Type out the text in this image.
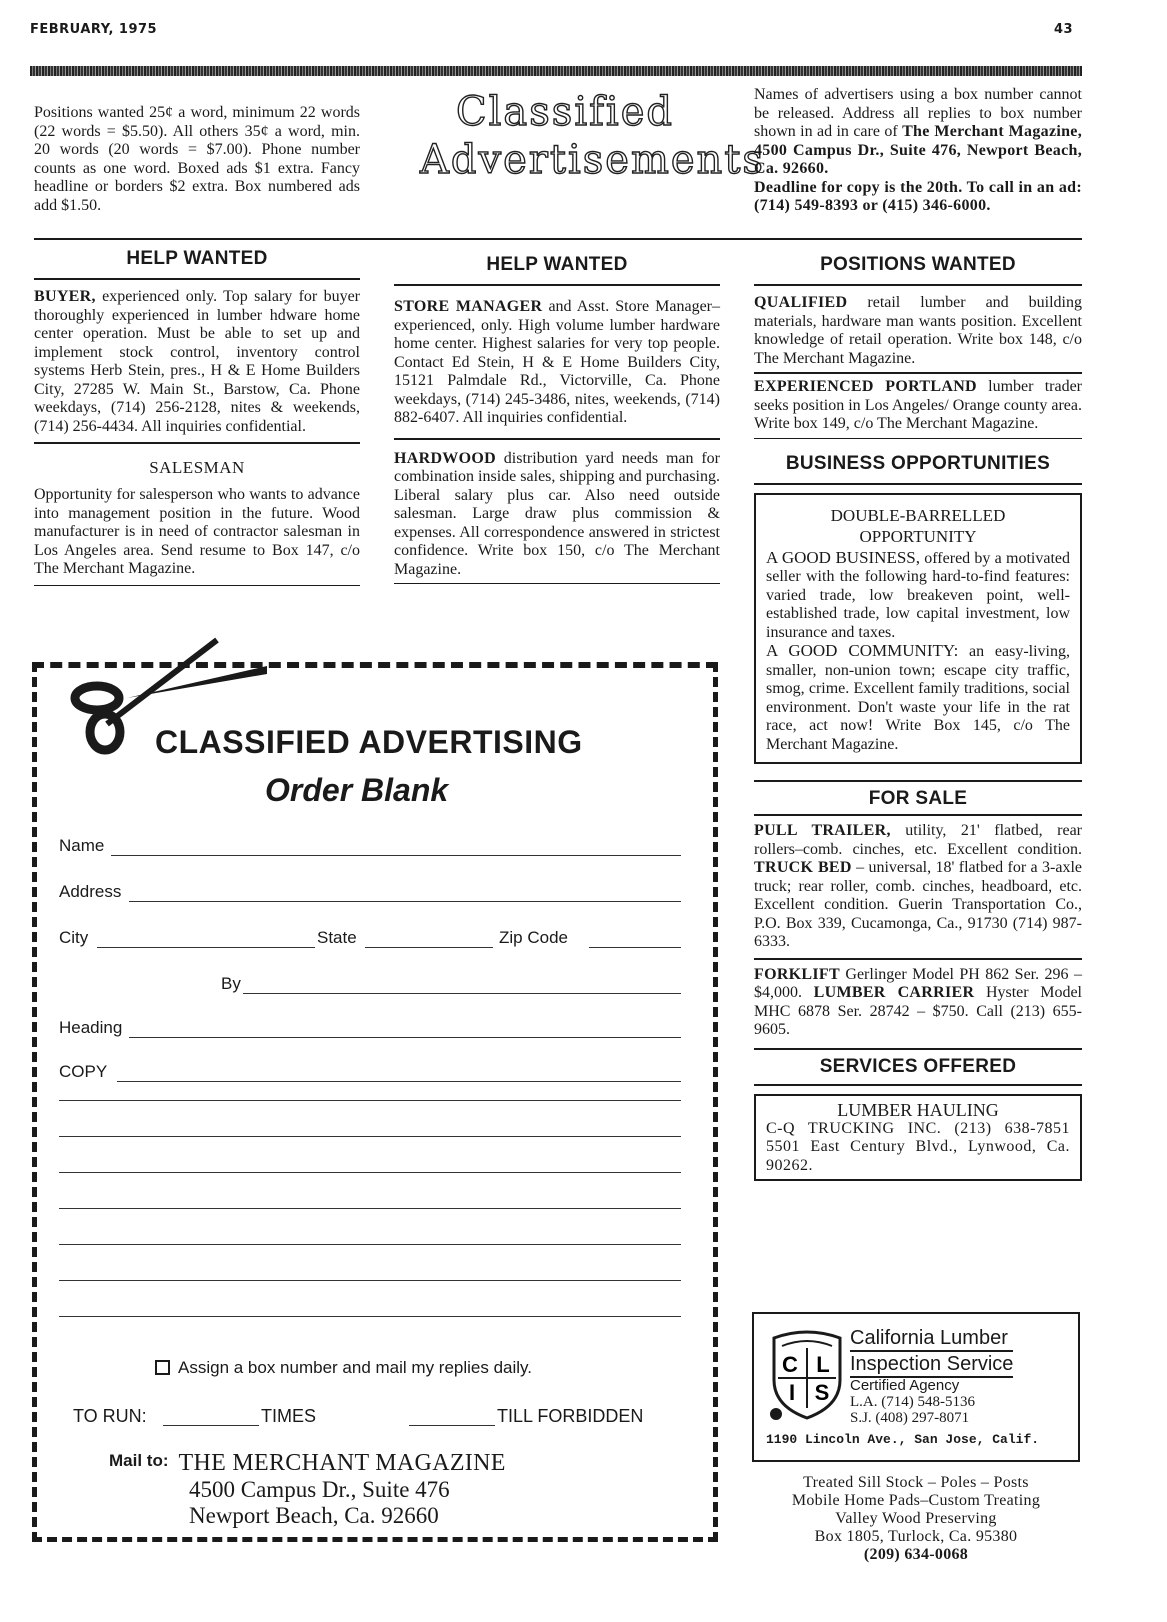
FEBRUARY, 1975	43
Positions wanted 25¢ a word, minimum 22 words (22 words = $5.50). All others 35¢ a word, min. 20 words (20 words = $7.00). Phone number counts as one word. Boxed ads $1 extra. Fancy headline or borders $2 extra. Box numbered ads add $1.50.
Classified
Advertisements
Names of advertisers using a box number cannot be released. Address all replies to box number shown in ad in care of The Merchant Magazine, 4500 Campus Dr., Suite 476, Newport Beach, Ca. 92660.
Deadline for copy is the 20th. To call in an ad: (714) 549-8393 or (415) 346-6000.
HELP WANTED
BUYER, experienced only. Top salary for buyer thoroughly experienced in lumber hdware home center operation. Must be able to set up and implement stock control, inventory control systems Herb Stein, pres., H & E Home Builders City, 27285 W. Main St., Barstow, Ca. Phone weekdays, (714) 256-2128, nites & weekends, (714) 256-4434. All inquiries confidential.
SALESMAN
Opportunity for salesperson who wants to advance into management position in the future. Wood manufacturer is in need of contractor salesman in Los Angeles area. Send resume to Box 147, c/o The Merchant Magazine.
HELP WANTED
STORE MANAGER and Asst. Store Manager–experienced, only. High volume lumber hardware home center. Highest salaries for very top people. Contact Ed Stein, H & E Home Builders City, 15121 Palmdale Rd., Victorville, Ca. Phone weekdays, (714) 245-3486, nites, weekends, (714) 882-6407. All inquiries confidential.
HARDWOOD distribution yard needs man for combination inside sales, shipping and purchasing. Liberal salary plus car. Also need outside salesman. Large draw plus commission & expenses. All correspondence answered in strictest confidence. Write box 150, c/o The Merchant Magazine.
POSITIONS WANTED
QUALIFIED retail lumber and building materials, hardware man wants position. Excellent knowledge of retail operation. Write box 148, c/o The Merchant Magazine.
EXPERIENCED PORTLAND lumber trader seeks position in Los Angeles/ Orange county area. Write box 149, c/o The Merchant Magazine.
BUSINESS OPPORTUNITIES
DOUBLE-BARRELLED
OPPORTUNITY
A GOOD BUSINESS, offered by a motivated seller with the following hard-to-find features: varied trade, low breakeven point, well-established trade, low capital investment, low insurance and taxes.
A GOOD COMMUNITY: an easy-living, smaller, non-union town; escape city traffic, smog, crime. Excellent family traditions, social environment. Don't waste your life in the rat race, act now! Write Box 145, c/o The Merchant Magazine.
FOR SALE
PULL TRAILER, utility, 21' flatbed, rear rollers–comb. cinches, etc. Excellent condition. TRUCK BED – universal, 18' flatbed for a 3-axle truck; rear roller, comb. cinches, headboard, etc. Excellent condition. Guerin Transportation Co., P.O. Box 339, Cucamonga, Ca., 91730 (714) 987-6333.
FORKLIFT Gerlinger Model PH 862 Ser. 296 – $4,000. LUMBER CARRIER Hyster Model MHC 6878 Ser. 28742 – $750. Call (213) 655-9605.
SERVICES OFFERED
LUMBER HAULING
C-Q TRUCKING INC. (213) 638-7851 5501 East Century Blvd., Lynwood, Ca. 90262.
C L
I S
California Lumber
Inspection Service
Certified Agency
L.A. (714) 548-5136
S.J. (408) 297-8071
1190 Lincoln Ave., San Jose, Calif.
Treated Sill Stock – Poles – Posts
Mobile Home Pads–Custom Treating
Valley Wood Preserving
Box 1805, Turlock, Ca. 95380
(209) 634-0068
CLASSIFIED ADVERTISING
Order Blank
Name
Address
City	State	Zip Code
By
Heading
COPY
Assign a box number and mail my replies daily.
TO RUN:	TIMES	TILL FORBIDDEN
Mail to: THE MERCHANT MAGAZINE
4500 Campus Dr., Suite 476
Newport Beach, Ca. 92660
